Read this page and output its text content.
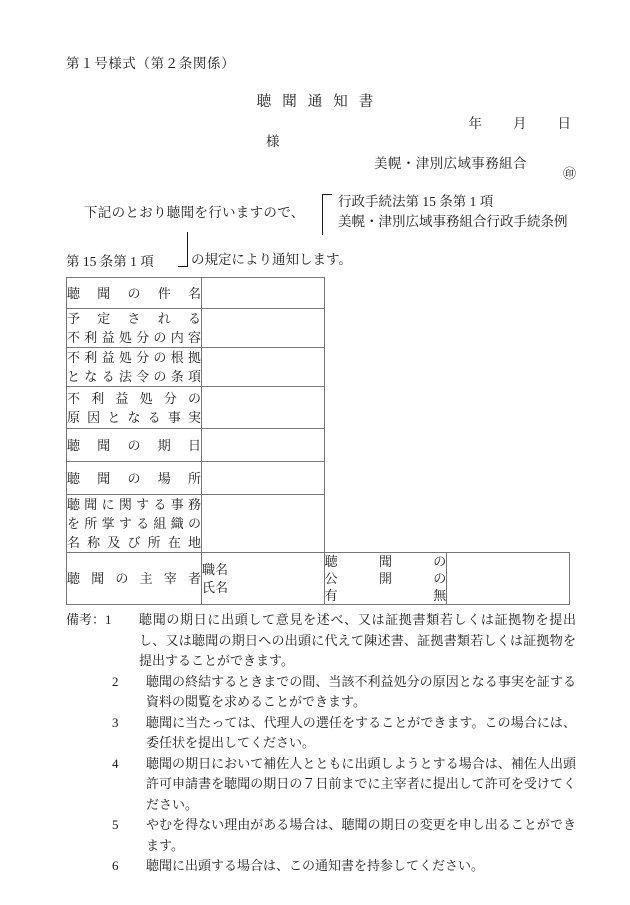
第１号様式（第２条関係）
聴聞通知書
年 月 日
様
美幌・津別広域事務組合
㊞
下記のとおり聴聞を行いますので、
行政手続法第 15 条第 1 項
美幌・津別広域事務組合行政手続条例
第 15 条第 1 項	の規定により通知します。
聴聞の件名			

予定される
不利益処分の内容			

不利益処分の根拠
となる法令の条項			

不利益処分の
原因となる事実			

聴聞の期日			

聴聞の場所			

聴聞に関する事務
を所掌する組織の
名称及び所在地			

聴聞の主宰者

職名
氏名

聴聞の
公開の
有無

備考： 1	聴聞の期日に出頭して意見を述べ、又は証拠書類若しくは証拠物を提出し、又は聴聞の期日への出頭に代えて陳述書、証拠書類若しくは証拠物を提出することができます。
2	聴聞の終結するときまでの間、当該不利益処分の原因となる事実を証する資料の閲覧を求めることができます。
3	聴聞に当たっては、代理人の選任をすることができます。この場合には、委任状を提出してください。
4	聴聞の期日において補佐人とともに出頭しようとする場合は、補佐人出頭許可申請書を聴聞の期日の７日前までに主宰者に提出して許可を受けてください。
5	やむを得ない理由がある場合は、聴聞の期日の変更を申し出ることができます。
6	聴聞に出頭する場合は、この通知書を持参してください。
